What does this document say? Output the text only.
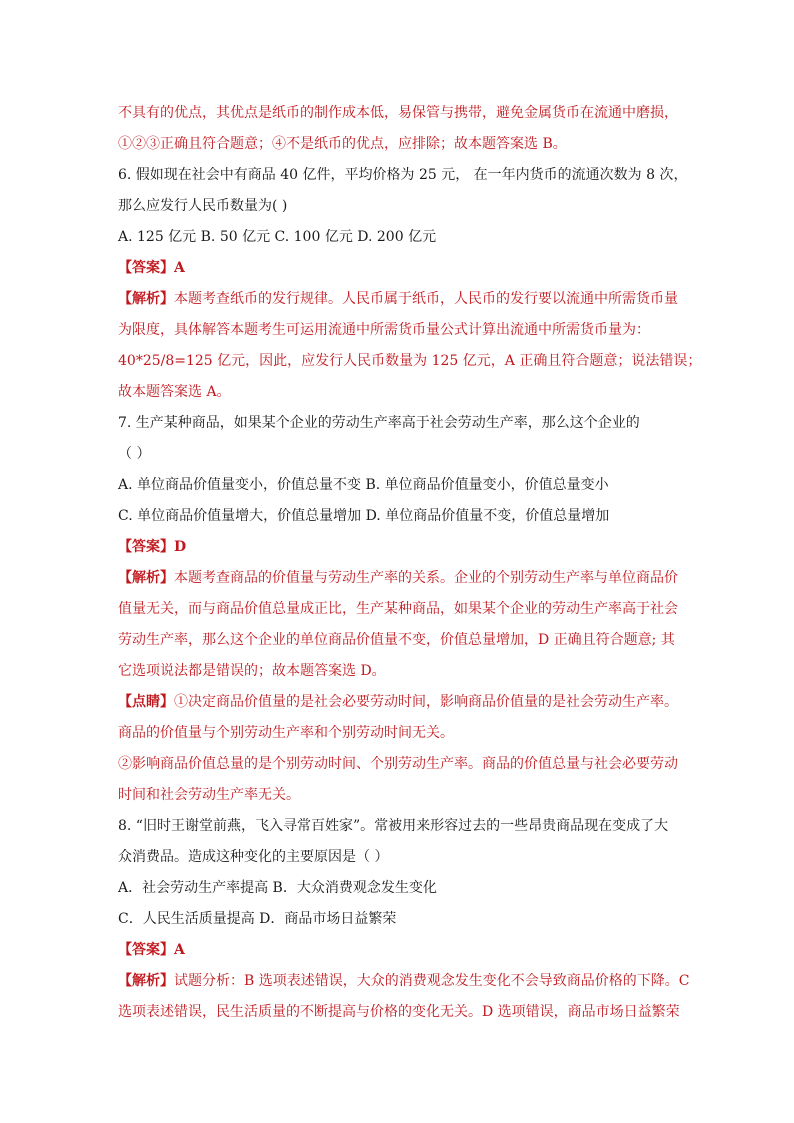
不具有的优点，其优点是纸币的制作成本低，易保管与携带，避免金属货币在流通中磨损，
①②③正确且符合题意；④不是纸币的优点，应排除；故本题答案选 B。
6. 假如现在社会中有商品 40 亿件，平均价格为 25 元， 在一年内货币的流通次数为 8 次，
那么应发行人民币数量为( )
A. 125 亿元 B. 50 亿元 C. 100 亿元 D. 200 亿元
【答案】A
【解析】本题考查纸币的发行规律。人民币属于纸币，人民币的发行要以流通中所需货币量
为限度，具体解答本题考生可运用流通中所需货币量公式计算出流通中所需货币量为：
40*25/8=125 亿元，因此，应发行人民币数量为 125 亿元，A 正确且符合题意；说法错误；
故本题答案选 A。
7. 生产某种商品，如果某个企业的劳动生产率高于社会劳动生产率，那么这个企业的
（ ）
A. 单位商品价值量变小，价值总量不变 B. 单位商品价值量变小，价值总量变小
C. 单位商品价值量增大，价值总量增加 D. 单位商品价值量不变，价值总量增加
【答案】D
【解析】本题考查商品的价值量与劳动生产率的关系。企业的个别劳动生产率与单位商品价
值量无关，而与商品价值总量成正比，生产某种商品，如果某个企业的劳动生产率高于社会
劳动生产率，那么这个企业的单位商品价值量不变，价值总量增加，D 正确且符合题意; 其
它选项说法都是错误的；故本题答案选 D。
【点睛】①决定商品价值量的是社会必要劳动时间，影响商品价值量的是社会劳动生产率。
商品的价值量与个别劳动生产率和个别劳动时间无关。
②影响商品价值总量的是个别劳动时间、个别劳动生产率。商品的价值总量与社会必要劳动
时间和社会劳动生产率无关。
8. “旧时王谢堂前燕，飞入寻常百姓家”。常被用来形容过去的一些昂贵商品现在变成了大
众消费品。造成这种变化的主要原因是（ ）
A．社会劳动生产率提高 B．大众消费观念发生变化
C．人民生活质量提高 D．商品市场日益繁荣
【答案】A
【解析】试题分析：B 选项表述错误，大众的消费观念发生变化不会导致商品价格的下降。C
选项表述错误，民生活质量的不断提高与价格的变化无关。D 选项错误，商品市场日益繁荣
